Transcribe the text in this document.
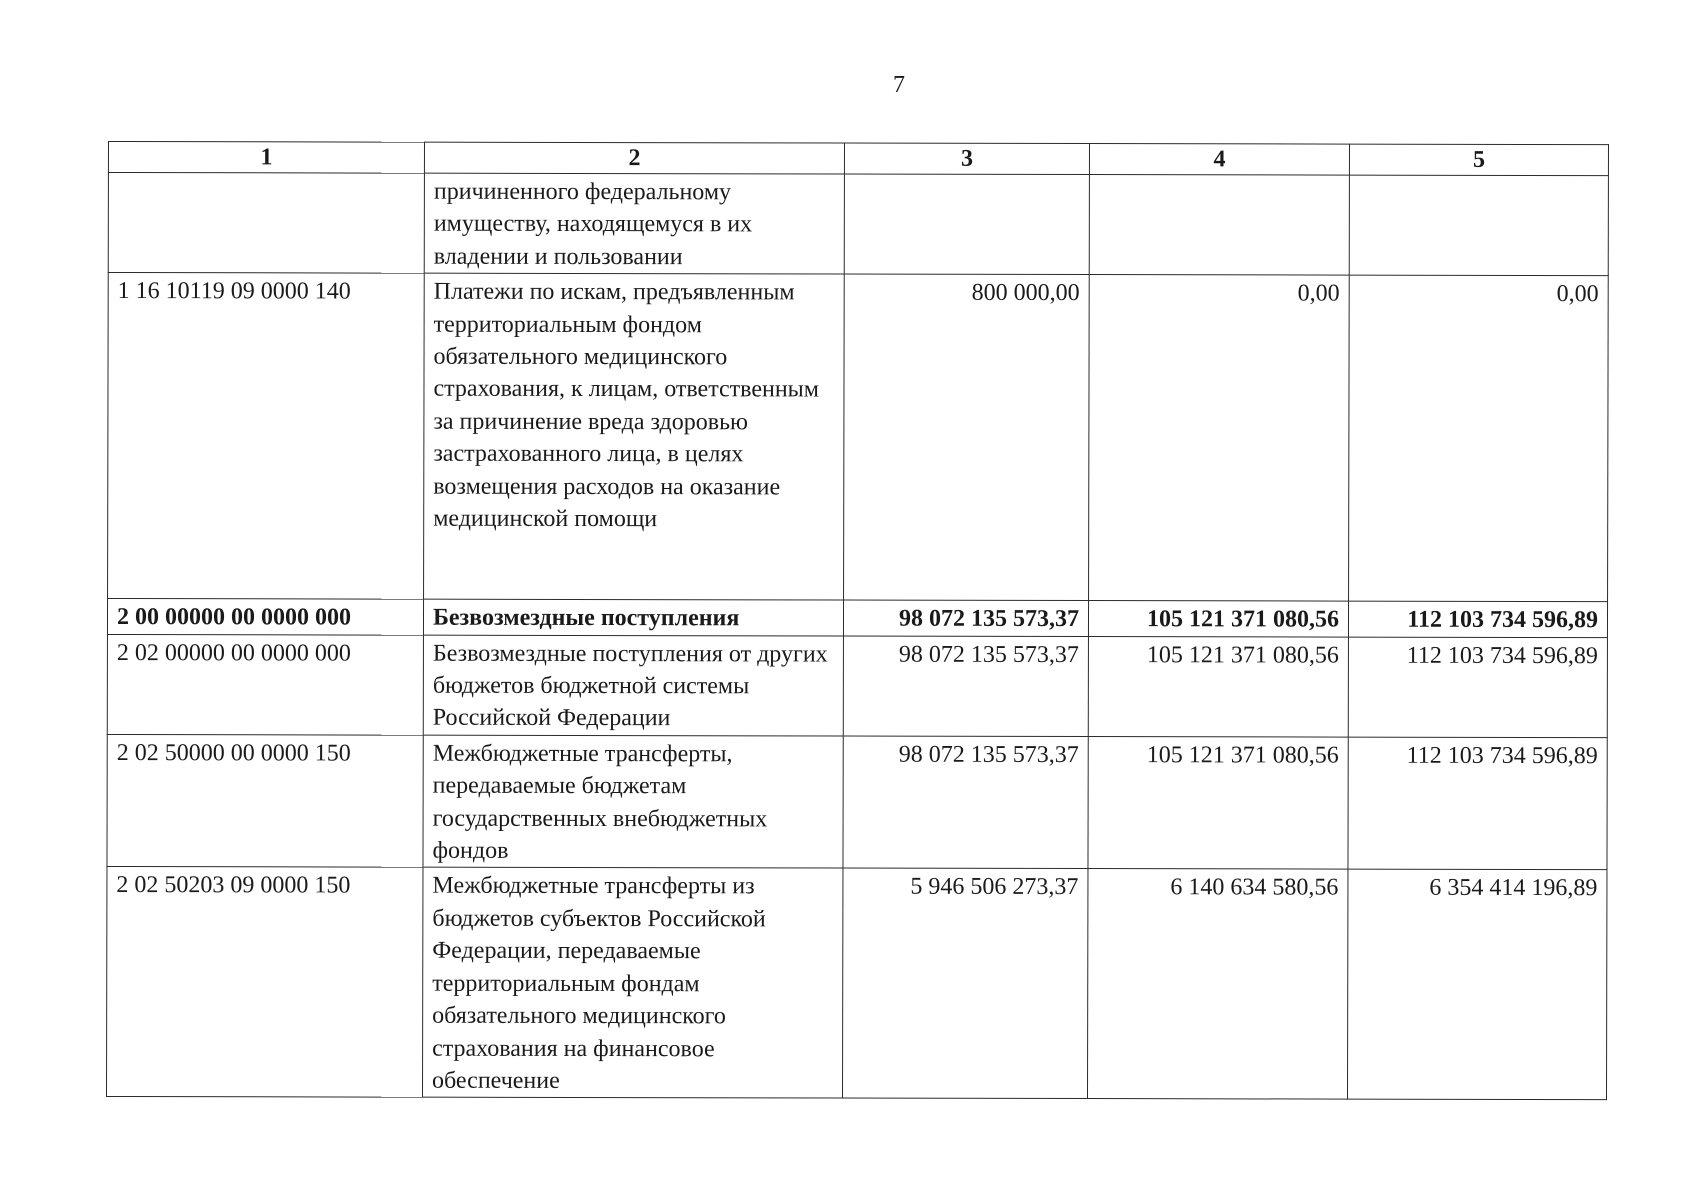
7
1	2	3	4	5
	причиненного федеральному имуществу, находящемуся в их владении и пользовании			
1 16 10119 09 0000 140	Платежи по искам, предъявленным территориальным фондом обязательного медицинского страхования, к лицам, ответственным за причинение вреда здоровью застрахованного лица, в целях возмещения расходов на оказание медицинской помощи	800 000,00	0,00	0,00
2 00 00000 00 0000 000	Безвозмездные поступления	98 072 135 573,37	105 121 371 080,56	112 103 734 596,89
2 02 00000 00 0000 000	Безвозмездные поступления от других бюджетов бюджетной системы Российской Федерации	98 072 135 573,37	105 121 371 080,56	112 103 734 596,89
2 02 50000 00 0000 150	Межбюджетные трансферты, передаваемые бюджетам государственных внебюджетных фондов	98 072 135 573,37	105 121 371 080,56	112 103 734 596,89
2 02 50203 09 0000 150	Межбюджетные трансферты из бюджетов субъектов Российской Федерации, передаваемые территориальным фондам обязательного медицинского страхования на финансовое обеспечение	5 946 506 273,37	6 140 634 580,56	6 354 414 196,89
